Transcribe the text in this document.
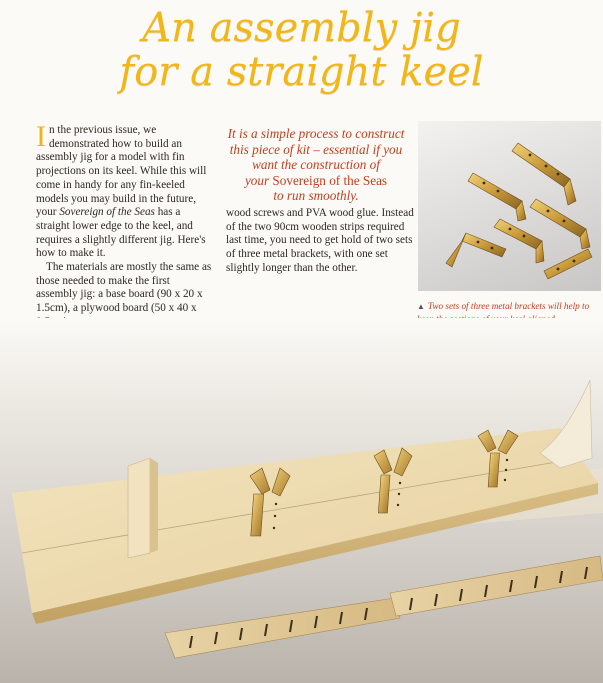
An assembly jig
for a straight keel

In the previous issue, we demonstrated how to build an assembly jig for a model with fin projections on its keel. While this will come in handy for any fin-keeled models you may build in the future, your Sovereign of the Seas has a straight lower edge to the keel, and requires a slightly different jig. Here's how to make it.

The materials are mostly the same as those needed to make the first assembly jig: a base board (90 x 20 x 1.5cm), a plywood board (50 x 40 x

It is a simple process to construct
this piece of kit – essential if you
want the construction of
your Sovereign of the Seas
to run smoothly.

wood screws and PVA wood glue. Instead of the two 90cm wooden strips required last time, you need to get hold of two sets of three metal brackets, with one set slightly longer than the other.

▲ Two sets of three metal brackets will help to
